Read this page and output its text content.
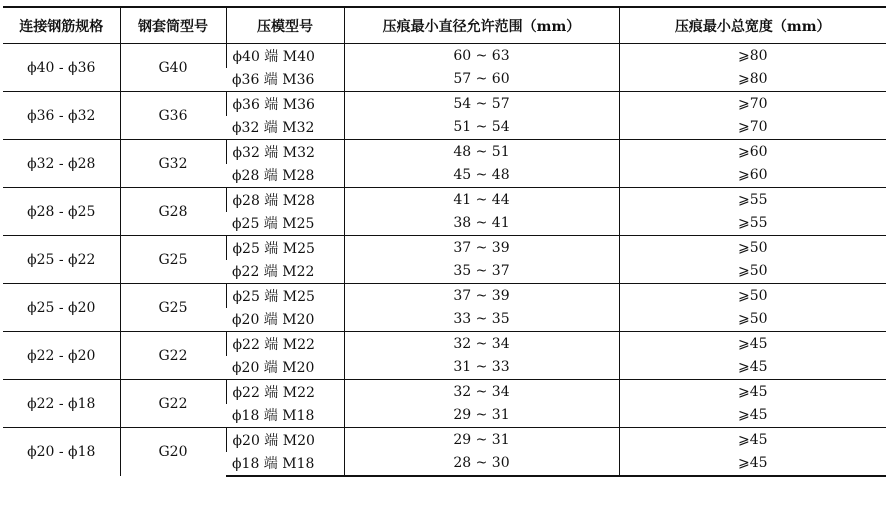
连接钢筋规格	钢套筒型号	压模型号	压痕最小直径允许范围（mm）	压痕最小总宽度（mm）
ϕ40 - ϕ36	G40	ϕ40 端 M40	60 ~ 63	⩾80
		ϕ36 端 M36	57 ~ 60	⩾80
ϕ36 - ϕ32	G36	ϕ36 端 M36	54 ~ 57	⩾70
		ϕ32 端 M32	51 ~ 54	⩾70
ϕ32 - ϕ28	G32	ϕ32 端 M32	48 ~ 51	⩾60
		ϕ28 端 M28	45 ~ 48	⩾60
ϕ28 - ϕ25	G28	ϕ28 端 M28	41 ~ 44	⩾55
		ϕ25 端 M25	38 ~ 41	⩾55
ϕ25 - ϕ22	G25	ϕ25 端 M25	37 ~ 39	⩾50
		ϕ22 端 M22	35 ~ 37	⩾50
ϕ25 - ϕ20	G25	ϕ25 端 M25	37 ~ 39	⩾50
		ϕ20 端 M20	33 ~ 35	⩾50
ϕ22 - ϕ20	G22	ϕ22 端 M22	32 ~ 34	⩾45
		ϕ20 端 M20	31 ~ 33	⩾45
ϕ22 - ϕ18	G22	ϕ22 端 M22	32 ~ 34	⩾45
		ϕ18 端 M18	29 ~ 31	⩾45
ϕ20 - ϕ18	G20	ϕ20 端 M20	29 ~ 31	⩾45
		ϕ18 端 M18	28 ~ 30	⩾45
